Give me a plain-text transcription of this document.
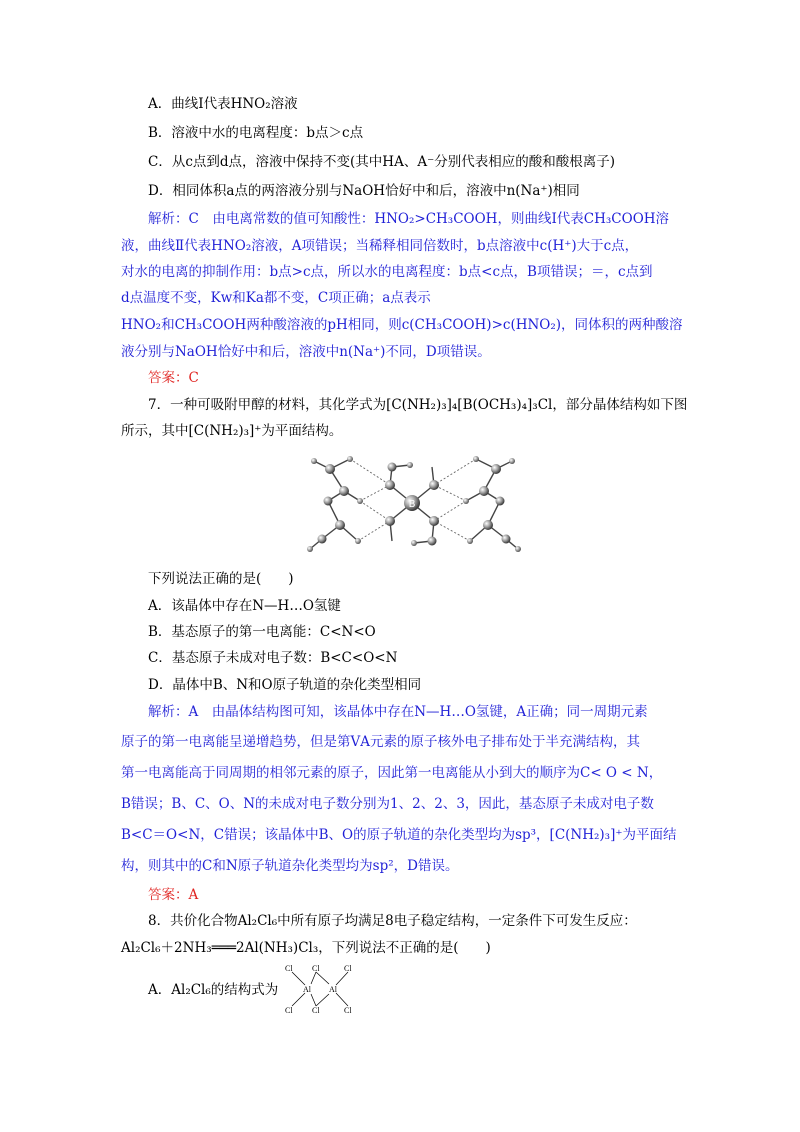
A．曲线Ⅰ代表HNO₂溶液
B．溶液中水的电离程度：b点＞c点
C．从c点到d点，溶液中保持不变(其中HA、A⁻分别代表相应的酸和酸根离子)
D．相同体积a点的两溶液分别与NaOH恰好中和后，溶液中n(Na⁺)相同
解析：C　由电离常数的值可知酸性：HNO₂>CH₃COOH，则曲线Ⅰ代表CH₃COOH溶
液，曲线Ⅱ代表HNO₂溶液，A项错误；当稀释相同倍数时，b点溶液中c(H⁺)大于c点，
对水的电离的抑制作用：b点>c点，所以水的电离程度：b点<c点，B项错误；＝，c点到
d点温度不变，Kw和Ka都不变，C项正确；a点表示
HNO₂和CH₃COOH两种酸溶液的pH相同，则c(CH₃COOH)>c(HNO₂)，同体积的两种酸溶
液分别与NaOH恰好中和后，溶液中n(Na⁺)不同，D项错误。
答案：C
7．一种可吸附甲醇的材料，其化学式为[C(NH₂)₃]₄[B(OCH₃)₄]₃Cl，部分晶体结构如下图
所示，其中[C(NH₂)₃]⁺为平面结构。
B
下列说法正确的是(　　)
A．该晶体中存在N—H…O氢键
B．基态原子的第一电离能：C<N<O
C．基态原子未成对电子数：B<C<O<N
D．晶体中B、N和O原子轨道的杂化类型相同
解析：A　由晶体结构图可知，该晶体中存在N—H…O氢键，A正确；同一周期元素
原子的第一电离能呈递增趋势，但是第ⅤA元素的原子核外电子排布处于半充满结构，其
第一电离能高于同周期的相邻元素的原子，因此第一电离能从小到大的顺序为C< O < N，
B错误；B、C、O、N的未成对电子数分别为1、2、2、3，因此，基态原子未成对电子数
B<C＝O<N，C错误；该晶体中B、O的原子轨道的杂化类型均为sp³，[C(NH₂)₃]⁺为平面结
构，则其中的C和N原子轨道杂化类型均为sp²，D错误。
答案：A
8．共价化合物Al₂Cl₆中所有原子均满足8电子稳定结构，一定条件下可发生反应：
Al₂Cl₆＋2NH₃═══2Al(NH₃)Cl₃，下列说法不正确的是(　　)
A．Al₂Cl₆的结构式为
Cl Cl	Cl
Cl Cl	Cl
Al Al
